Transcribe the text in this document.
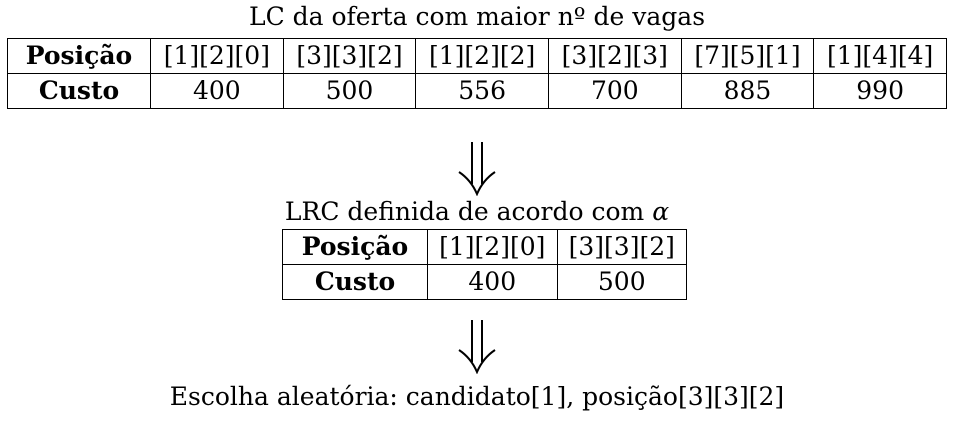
LC da oferta com maior nº de vagas
Posição	[1][2][0]	[3][3][2]	[1][2][2]	[3][2][3]	[7][5][1]	[1][4][4]
Custo	400	500	556	700	885	990
LRC definida de acordo com α
Posição	[1][2][0]	[3][3][2]
Custo	400	500
Escolha aleatória: candidato[1], posição[3][3][2]
